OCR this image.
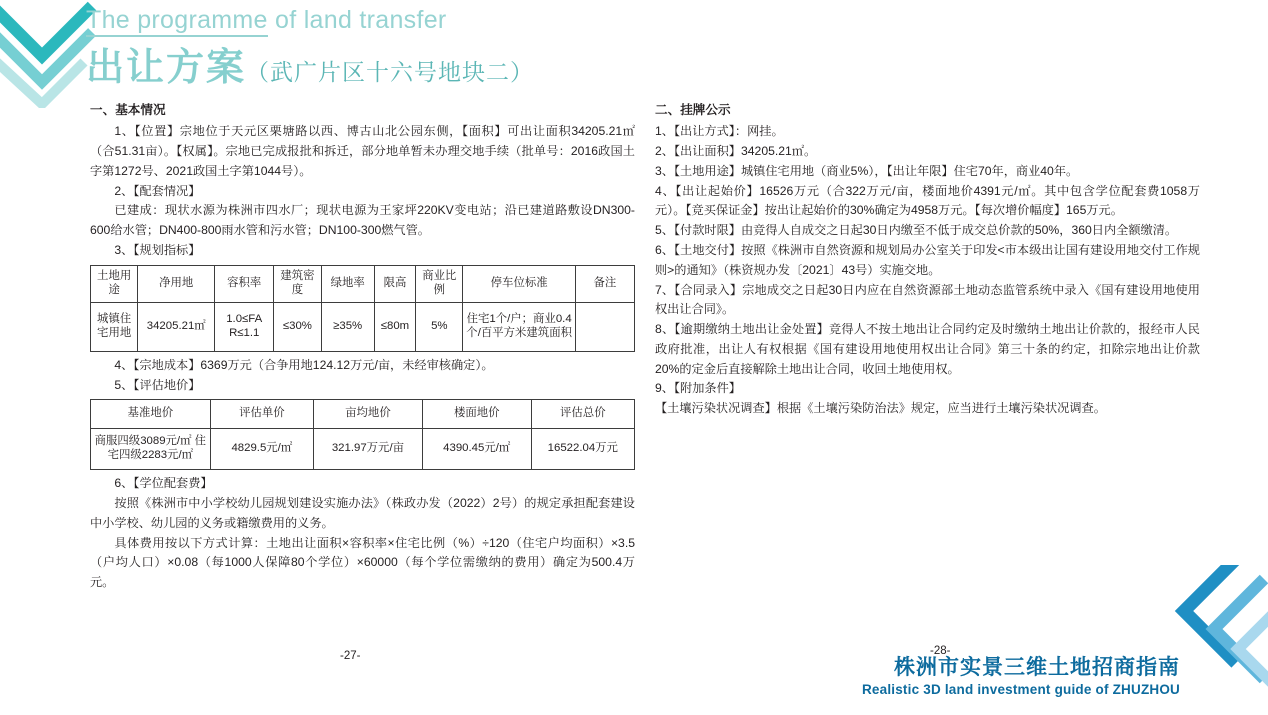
The programme of land transfer
出让方案（武广片区十六号地块二）

一、基本情况

1、【位置】宗地位于天元区栗塘路以西、博古山北公园东侧，【面积】可出让面积34205.21㎡（合51.31亩）。【权属】。宗地已完成报批和拆迁，部分地单暂未办理交地手续（批单号：2016政国土字第1272号、2021政国土字第1044号）。

2、【配套情况】

已建成：现状水源为株洲市四水厂；现状电源为王家坪220KV变电站；沿已建道路敷设DN300-600给水管；DN400-800雨水管和污水管；DN100-300燃气管。

3、【规划指标】

土地用途	净用地	容积率	建筑密度	绿地率	限高	商业比例	停车位标准	备注
城镇住宅用地	34205.21㎡	1.0≤FA R≤1.1	≤30%	≥35%	≤80m	5%	住宅1个/户；商业0.4个/百平方米建筑面积	

4、【宗地成本】6369万元（合争用地124.12万元/亩，未经审核确定）。

5、【评估地价】

基准地价	评估单价	亩均地价	楼面地价	评估总价
商服四级3089元/㎡ 住宅四级2283元/㎡	4829.5元/㎡	321.97万元/亩	4390.45元/㎡	16522.04万元

6、【学位配套费】

按照《株洲市中小学校幼儿园规划建设实施办法》（株政办发（2022）2号）的规定承担配套建设中小学校、幼儿园的义务或籍缴费用的义务。

具体费用按以下方式计算：土地出让面积×容积率×住宅比例（%）÷120（住宅户均面积）×3.5（户均人口）×0.08（每1000人保障80个学位）×60000（每个学位需缴纳的费用）确定为500.4万元。

二、挂牌公示

1、【出让方式】：网挂。

2、【出让面积】34205.21㎡。

3、【土地用途】城镇住宅用地（商业5%），【出让年限】住宅70年，商业40年。

4、【出让起始价】16526万元（合322万元/亩，楼面地价4391元/㎡。其中包含学位配套费1058万元）。【竞买保证金】按出让起始价的30%确定为4958万元。【每次增价幅度】165万元。

5、【付款时限】由竞得人自成交之日起30日内缴至不低于成交总价款的50%，360日内全额缴清。

6、【土地交付】按照《株洲市自然资源和规划局办公室关于印发<市本级出让国有建设用地交付工作规则>的通知》（株资规办发〔2021〕43号）实施交地。

7、【合同录入】宗地成交之日起30日内应在自然资源部土地动态监管系统中录入《国有建设用地使用权出让合同》。

8、【逾期缴纳土地出让金处置】竞得人不按土地出让合同约定及时缴纳土地出让价款的，报经市人民政府批准，出让人有权根据《国有建设用地使用权出让合同》第三十条的约定，扣除宗地出让价款20%的定金后直接解除土地出让合同，收回土地使用权。

9、【附加条件】

【土壤污染状况调查】根据《土壤污染防治法》规定，应当进行土壤污染状况调查。

-27-	-28-
株洲市实景三维土地招商指南
Realistic 3D land investment guide of ZHUZHOU
